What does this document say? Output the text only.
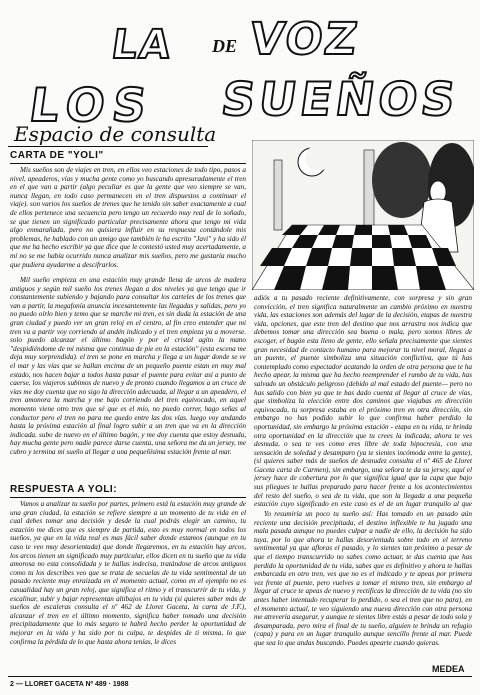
LA VOZ
DE
LOS SUEÑOS
Espacio de consulta
CARTA DE "YOLI"

Mis sueños son de viajes en tren, en ellos veo estaciones de todo tipo, pasos a nivel, apeaderos, vías y mucha gente como yo buscando apresuradamente el tren en el que van a partir (algo peculiar es que la gente que veo siempre se van, nunca llegan, en todo caso permanecen en el tren dispuestos a continuar el viaje). son varios los sueños de trenes que he tenido sin saber exactamente a cual de ellos pertenece una secuencia pero tengo un recuerdo muy real de lo soñado, se que tienen un significado particular precisamente ahora que tengo mi vida algo enmarañada, pero no quisiera influir en su respuesta contándole mis problemas, he hablado con un amigo que también le ha escrito "Javi" y ha sido él que me ha hecho escribir ya que dice que le contestó usted muy acertadamente, a mí no se me había ocurrido nunca analizar mis sueños, pero me gustaría mucho que pudiera ayudarme a descifrarlos.

Mil sueño empieza en una estación muy grande llena de arcos de madera antiguos y según mil sueño los trenes llegan a dos niveles ya que tengo que ir constantemente subiendo y bajando para consultar los carteles de los trenes que van a partir, la megafonía anuncia incesantemente las llegadas y salidas, pero yo no puedo oírlo bien y temo que se marche mi tren, es sin duda la estación de una gran ciudad y puedo ver un gran reloj en el centro, al fin creo entender que mi tren va a partir voy corriendo al andén indicado y el tren empieza ya a moverse. solo puedo alcanzar el último bagón y por el cristal agito la mano "despidiéndome de mi misma que continua de pie en la estación" (esta escena me deja muy sorprendida). el tren se pone en marcha y llega a un lugar donde se ve el mar y las vías que se hallan encima de un pequeño puente estan en muy mal estado, nos hacen bajar a todos hasta pasar el puente para evitar así a punto de caerse, los viajeros subimos de nuevo y de pronto cuando llegamos a un cruce de vías me doy cuenta que no sigo la dirección adecuada, al llegar a un apeadero, el tren amonora la marcha y me bajo corriendo del tren equivocado, en aquel momento viene otro tren que sé que es el mío, no puedo correr, hago señas al conductor pero el tren no para me quedo entre las dos vías. luego voy andando hasta la próxima estación al final logro subir a un tren que va en la dirección indicada. subo de nuevo en el último bagón, y me doy cuenta que estoy desnuda, hay mucha gente pero nadie parece darse cuenta, una señora me da un jersey, me cubro y termina mi sueño al llegar a una pequeñísima estación frente al mar.

RESPUESTA A YOLI:

Vamos a analizar tu sueño por partes, primero está la estación muy grande de una gran ciudad, la estación se refiere siempre a un momento de tu vida en el cual debes tomar una decisión y desde la cual podrás elegir un camino, tu estación me dices que es siempre de partida, esto es muy normal en todos los sueños, ya que en la vida real es mas fácil saber donde estamos (aunque en tu caso te veo muy desorientada) que donde llegaremos, en tu estación hay arcos, los arcos tienen un significado muy particular, ellos dicen en tu sueño que tu vida amorosa no esta consolidada y te hallas indecisa, tratándose de arcos antiguos como tu los describes veo que se trata de secuelas de tu vida sentimental de un pasado reciente muy enraizada en el momento actual, como en el ejemplo no es casualidad hay un gran reloj, que significa el ritmo y el transcurrir de tu vida, y escalinar, subir y bajar representan altibajos en tu vida (si quieres saber más de sueños de escaleras consulta el nº 462 de Lloret Gaceta, la carta de J.F.), alcanzar el tren en el último momento, significa haber tomado una decisión precipitadamente que lo más seguro te habrá hecho perder la oportunidad de mejorar en la vida y ha sido por tu culpa, te despides de ti misma, lo que confirma la pérdida de lo que hasta ahora tenías, le dices

adiós a tu pasado reciente definitivamente, con sorpresa y sin gran convicción, el tren significa naturalmente un cambio próximo en nuestra vida, las estaciones son además del lugar de la decisión, etapas de nuestra vida, opciones, que este tren del destino que nos arrastra nos indica que debemos tomar una dirección sea buena o mala, pero somos libres de escoger, el bagón esta lleno de gente, ello señala precisamente que sientes gran necesidad de contacto humano para mejorar tu nivel moral, llegas a un puente, el puente simboliza una situación conflictiva, que tú has contemplado como espectador acatando la orden de otra persona que te ha hecho apear, la misma que ha hecho reemprender el rumbo de tu vida, has salvado un obstáculo peligroso (debido al mal estado del puente— pero no has salido con bien ya que te has dado cuenta al llegar al cruce de vías, que simboliza la elección entre dos caminos que viajabas en dirección equivocada, tu sorpresa estaba en el próximo tren en otra dirección, sin embargo no has podido subir lo que confirma haber perdido la oportunidad, sin embargo la próxima estación - etapa en tu vida, te brinda otra oportunidad en la dirección que tu crees la indicada, ahora te ves desnuda, o sea te ves como eres libre de toda hipocresía, con una sensación de soledad y desamparo (ya te sientes incómoda entre la gente), (si quieres saber más de sueños de desnudez consulta el nº 465 de Lloret Gaceta carta de Carmen), sin embargo, una señora te da su jersey, aquí el jersey hace de cobertura por lo que significa igual que la capa que bajo sus pliegues te hallas preparado para hacer frente a los acontecimientos del resto del sueño, o sea de tu vida, que son la llegada a una pequeña estación cuyo significado en este caso es el de un lugar tranquilo al que

Yo resumiría un poco tu sueño así: Has tomado en un pasado aún reciente una decisión precipitada, el destino inflexible te ha jugado una mala pasada aunque no puedes culpar a nadie de ello, la decisión ha sido tuya, por lo que ahora te hallas desorientada sobre todo en el terreno sentimental ya que afloras el pasado, y lo sientes tan próximo a pesar de que el tiempo transcurrido no sabes como actuar, te das cuenta que has perdido la oportunidad de tu vida, sabes que es definitivo y ahora te hallas embarcada en otro tren, ves que no es el indicado y te apeas por primera vez frente al puente, pero vuelves a tomar el mismo tren, sin embargo al llegar al cruce te apeas de nuevo y rectificas la dirección de tu vida (no sin antes haber intentado recuperar lo perdido, o sea el tren que no para), en el momento actual, te veo siguiendo una nueva dirección con otra persona me atrevería asegurar, y aunque te sientes libre estás a pesar de todo sola y desamparada, pero mira el final de tu sueño, alguien te brinda un refugio (capa) y para en un lugar tranquilo aunque sencillo frente al mar. Puede que sea lo que andas buscando. Puedes apearte cuando quieras.

MEDEA
2 — LLORET GACETA Nº 489 · 1988
